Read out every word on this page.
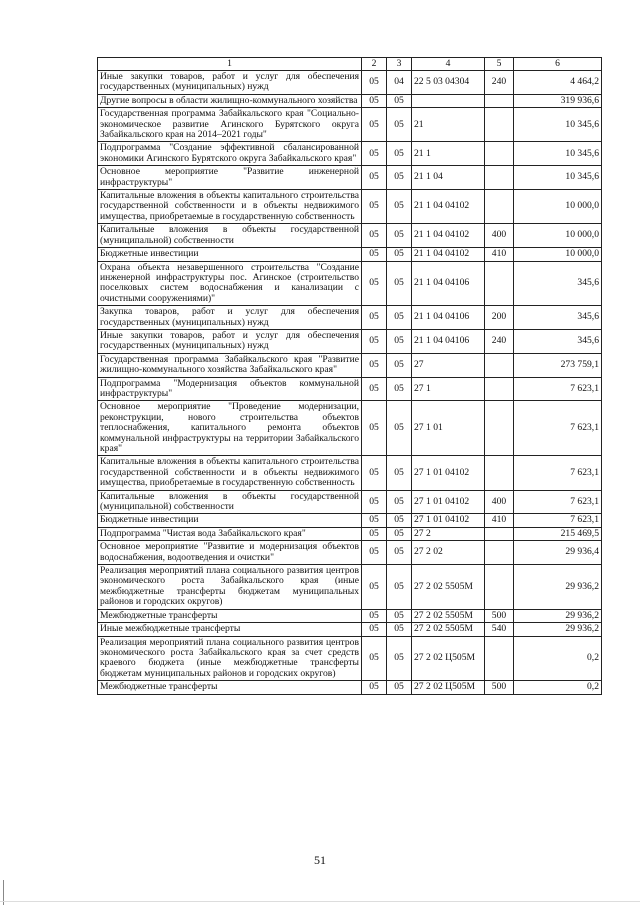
1	2	3	4	5	6
Иные закупки товаров, работ и услуг для обеспечения государственных (муниципальных) нужд	05	04	22 5 03 04304	240	4 464,2
Другие вопросы в области жилищно-коммунального хозяйства	05	05			319 936,6
Государственная программа Забайкальского края "Социально-экономическое развитие Агинского Бурятского округа Забайкальского края на 2014–2021 годы"	05	05	21		10 345,6
Подпрограмма "Создание эффективной сбалансированной экономики Агинского Бурятского округа Забайкальского края"	05	05	21 1		10 345,6
Основное мероприятие "Развитие инженерной инфраструктуры"	05	05	21 1 04		10 345,6
Капитальные вложения в объекты капитального строительства государственной собственности и в объекты недвижимого имущества, приобретаемые в государственную собственность	05	05	21 1 04 04102		10 000,0
Капитальные вложения в объекты государственной (муниципальной) собственности	05	05	21 1 04 04102	400	10 000,0
Бюджетные инвестиции	05	05	21 1 04 04102	410	10 000,0
Охрана объекта незавершенного строительства "Создание инженерной инфраструктуры пос. Агинское (строительство поселковых систем водоснабжения и канализации с очистными сооружениями)"	05	05	21 1 04 04106		345,6
Закупка товаров, работ и услуг для обеспечения государственных (муниципальных) нужд	05	05	21 1 04 04106	200	345,6
Иные закупки товаров, работ и услуг для обеспечения государственных (муниципальных) нужд	05	05	21 1 04 04106	240	345,6
Государственная программа Забайкальского края "Развитие жилищно-коммунального хозяйства Забайкальского края"	05	05	27		273 759,1
Подпрограмма "Модернизация объектов коммунальной инфраструктуры"	05	05	27 1		7 623,1
Основное мероприятие "Проведение модернизации, реконструкции, нового строительства объектов теплоснабжения, капитального ремонта объектов коммунальной инфраструктуры на территории Забайкальского края"	05	05	27 1 01		7 623,1
Капитальные вложения в объекты капитального строительства государственной собственности и в объекты недвижимого имущества, приобретаемые в государственную собственность	05	05	27 1 01 04102		7 623,1
Капитальные вложения в объекты государственной (муниципальной) собственности	05	05	27 1 01 04102	400	7 623,1
Бюджетные инвестиции	05	05	27 1 01 04102	410	7 623,1
Подпрограмма "Чистая вода Забайкальского края"	05	05	27 2		215 469,5
Основное мероприятие "Развитие и модернизация объектов водоснабжения, водоотведения и очистки"	05	05	27 2 02		29 936,4
Реализация мероприятий плана социального развития центров экономического роста Забайкальского края (иные межбюджетные трансферты бюджетам муниципальных районов и городских округов)	05	05	27 2 02 5505М		29 936,2
Межбюджетные трансферты	05	05	27 2 02 5505М	500	29 936,2
Иные межбюджетные трансферты	05	05	27 2 02 5505М	540	29 936,2
Реализация мероприятий плана социального развития центров экономического роста Забайкальского края за счет средств краевого бюджета (иные межбюджетные трансферты бюджетам муниципальных районов и городских округов)	05	05	27 2 02 Ц505М		0,2
Межбюджетные трансферты	05	05	27 2 02 Ц505М	500	0,2
51
